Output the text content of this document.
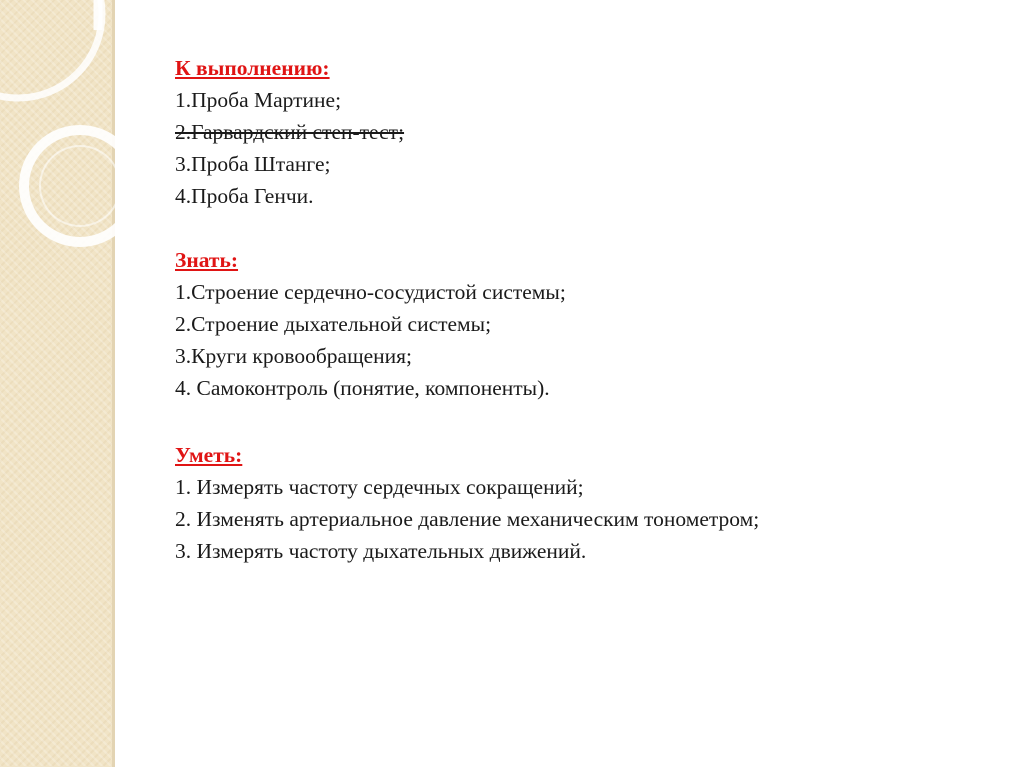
К выполнению:
1.Проба Мартине;
2.Гарвардский степ-тест;
3.Проба Штанге;
4.Проба Генчи.
Знать:
1.Строение сердечно-сосудистой системы;
2.Строение дыхательной системы;
3.Круги кровообращения;
4. Самоконтроль (понятие, компоненты).
Уметь:
1. Измерять частоту сердечных сокращений;
2. Изменять артериальное давление механическим тонометром;
3. Измерять частоту дыхательных движений.
